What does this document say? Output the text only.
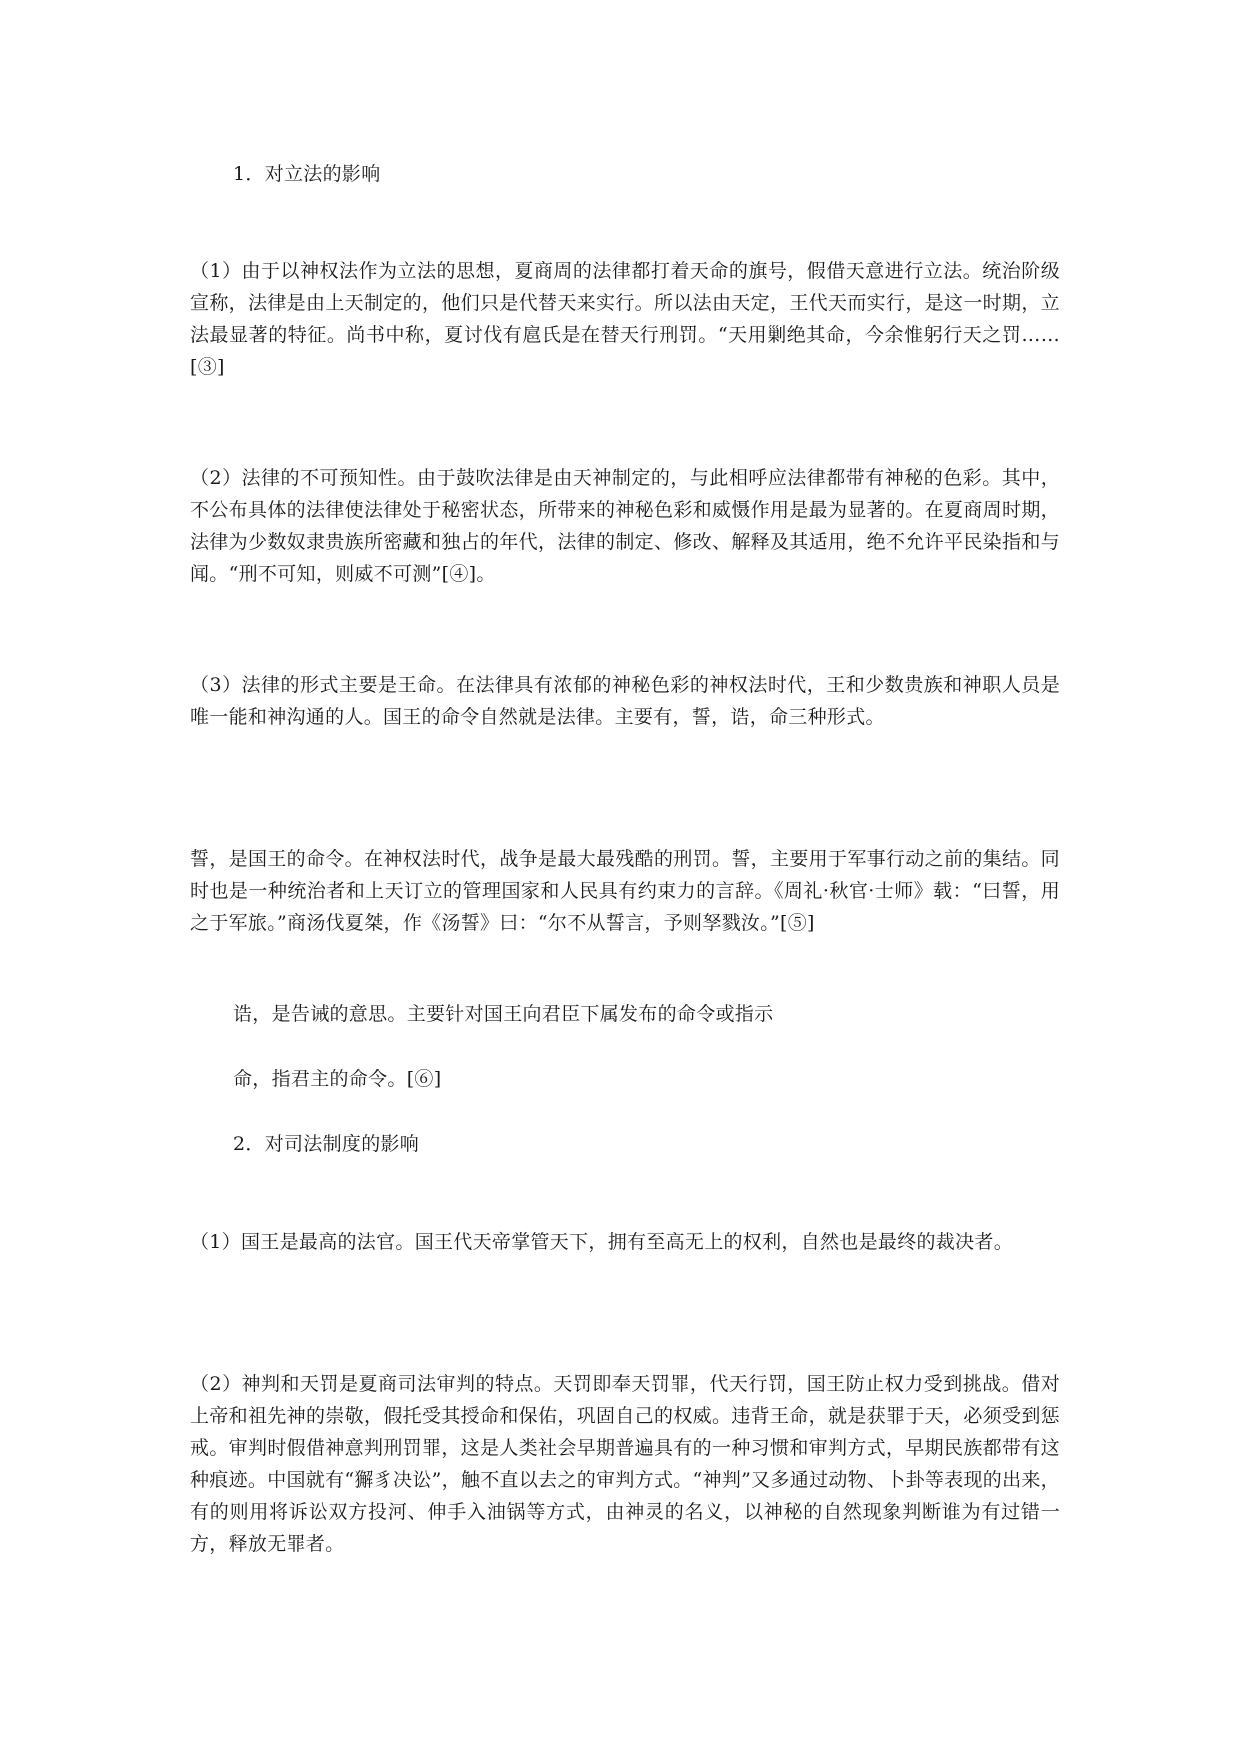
1．对立法的影响
（1）由于以神权法作为立法的思想，夏商周的法律都打着天命的旗号，假借天意进行立法。统治阶级宣称，法律是由上天制定的，他们只是代替天来实行。所以法由天定，王代天而实行，是这一时期，立法最显著的特征。尚书中称，夏讨伐有扈氏是在替天行刑罚。“天用剿绝其命，今余惟躬行天之罚……[③]
（2）法律的不可预知性。由于鼓吹法律是由天神制定的，与此相呼应法律都带有神秘的色彩。其中，不公布具体的法律使法律处于秘密状态，所带来的神秘色彩和威慑作用是最为显著的。在夏商周时期，法律为少数奴隶贵族所密藏和独占的年代，法律的制定、修改、解释及其适用，绝不允许平民染指和与闻。“刑不可知，则威不可测”[④]。
（3）法律的形式主要是王命。在法律具有浓郁的神秘色彩的神权法时代，王和少数贵族和神职人员是唯一能和神沟通的人。国王的命令自然就是法律。主要有，誓，诰，命三种形式。
誓，是国王的命令。在神权法时代，战争是最大最残酷的刑罚。誓，主要用于军事行动之前的集结。同时也是一种统治者和上天订立的管理国家和人民具有约束力的言辞。《周礼·秋官·士师》载：“曰誓，用之于军旅。”商汤伐夏桀，作《汤誓》曰：“尔不从誓言，予则孥戮汝。”[⑤]
诰，是告诫的意思。主要针对国王向君臣下属发布的命令或指示
命，指君主的命令。[⑥]
2．对司法制度的影响
（1）国王是最高的法官。国王代天帝掌管天下，拥有至高无上的权利，自然也是最终的裁决者。
（2）神判和天罚是夏商司法审判的特点。天罚即奉天罚罪，代天行罚，国王防止权力受到挑战。借对上帝和祖先神的崇敬，假托受其授命和保佑，巩固自己的权威。违背王命，就是获罪于天，必须受到惩戒。审判时假借神意判刑罚罪，这是人类社会早期普遍具有的一种习惯和审判方式，早期民族都带有这种痕迹。中国就有“獬豸决讼”，触不直以去之的审判方式。“神判”又多通过动物、卜卦等表现的出来，有的则用将诉讼双方投河、伸手入油锅等方式，由神灵的名义，以神秘的自然现象判断谁为有过错一方，释放无罪者。
